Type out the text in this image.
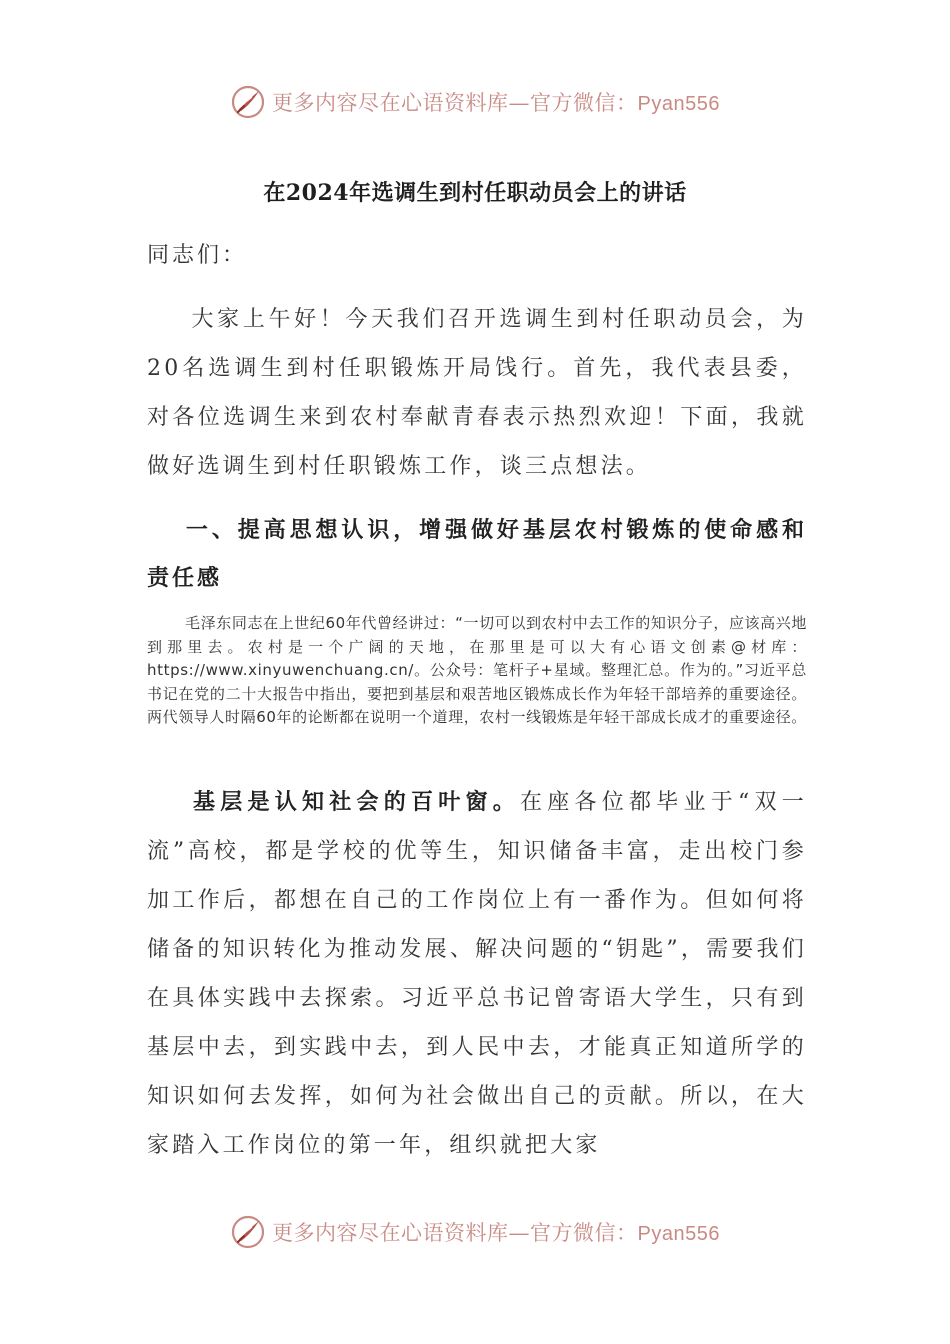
更多内容尽在心语资料库—官方微信：Pyan556
在2024年选调生到村任职动员会上的讲话
同志们：

大家上午好！今天我们召开选调生到村任职动员会，为20名选调生到村任职锻炼开局饯行。首先，我代表县委，对各位选调生来到农村奉献青春表示热烈欢迎！下面，我就做好选调生到村任职锻炼工作，谈三点想法。

一、提高思想认识，增强做好基层农村锻炼的使命感和责任感

毛泽东同志在上世纪60年代曾经讲过：“一切可以到农村中去工作的知识分子，应该高兴地到那里去。农村是一个广阔的天地，在那里是可以大有心语文创素@材库：https://www.xinyuwenchuang.cn/。公众号：笔杆子+星域。整理汇总。作为的。”习近平总书记在党的二十大报告中指出，要把到基层和艰苦地区锻炼成长作为年轻干部培养的重要途径。两代领导人时隔60年的论断都在说明一个道理，农村一线锻炼是年轻干部成长成才的重要途径。

基层是认知社会的百叶窗。在座各位都毕业于“双一流”高校，都是学校的优等生，知识储备丰富，走出校门参加工作后，都想在自己的工作岗位上有一番作为。但如何将储备的知识转化为推动发展、解决问题的“钥匙”，需要我们在具体实践中去探索。习近平总书记曾寄语大学生，只有到基层中去，到实践中去，到人民中去，才能真正知道所学的知识如何去发挥，如何为社会做出自己的贡献。所以，在大家踏入工作岗位的第一年，组织就把大家

更多内容尽在心语资料库—官方微信：Pyan556
